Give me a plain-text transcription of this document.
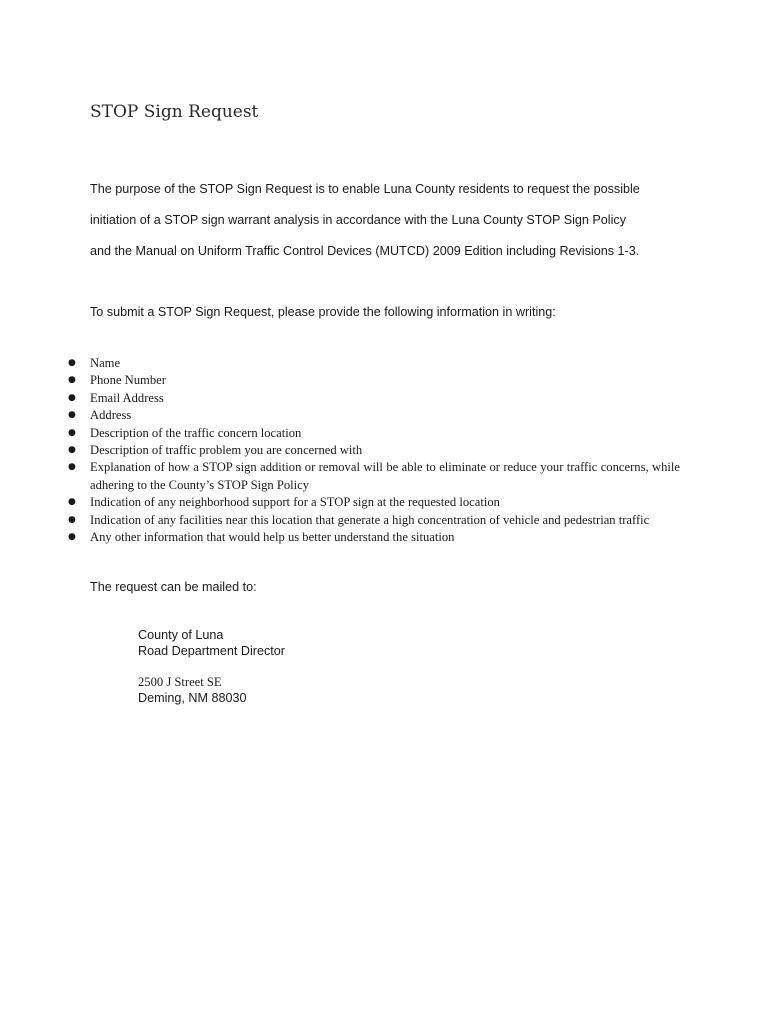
STOP Sign Request

The purpose of the STOP Sign Request is to enable Luna County residents to request the possible
initiation of a STOP sign warrant analysis in accordance with the Luna County STOP Sign Policy
and the Manual on Uniform Traffic Control Devices (MUTCD) 2009 Edition including Revisions 1-3.

To submit a STOP Sign Request, please provide the following information in writing:

● Name
● Phone Number
● Email Address
● Address
● Description of the traffic concern location
● Description of traffic problem you are concerned with
● Explanation of how a STOP sign addition or removal will be able to eliminate or reduce your traffic concerns, while adhering to the County’s STOP Sign Policy
● Indication of any neighborhood support for a STOP sign at the requested location
● Indication of any facilities near this location that generate a high concentration of vehicle and pedestrian traffic
● Any other information that would help us better understand the situation

The request can be mailed to:

County of Luna
Road Department Director
2500 J Street SE
Deming, NM 88030
